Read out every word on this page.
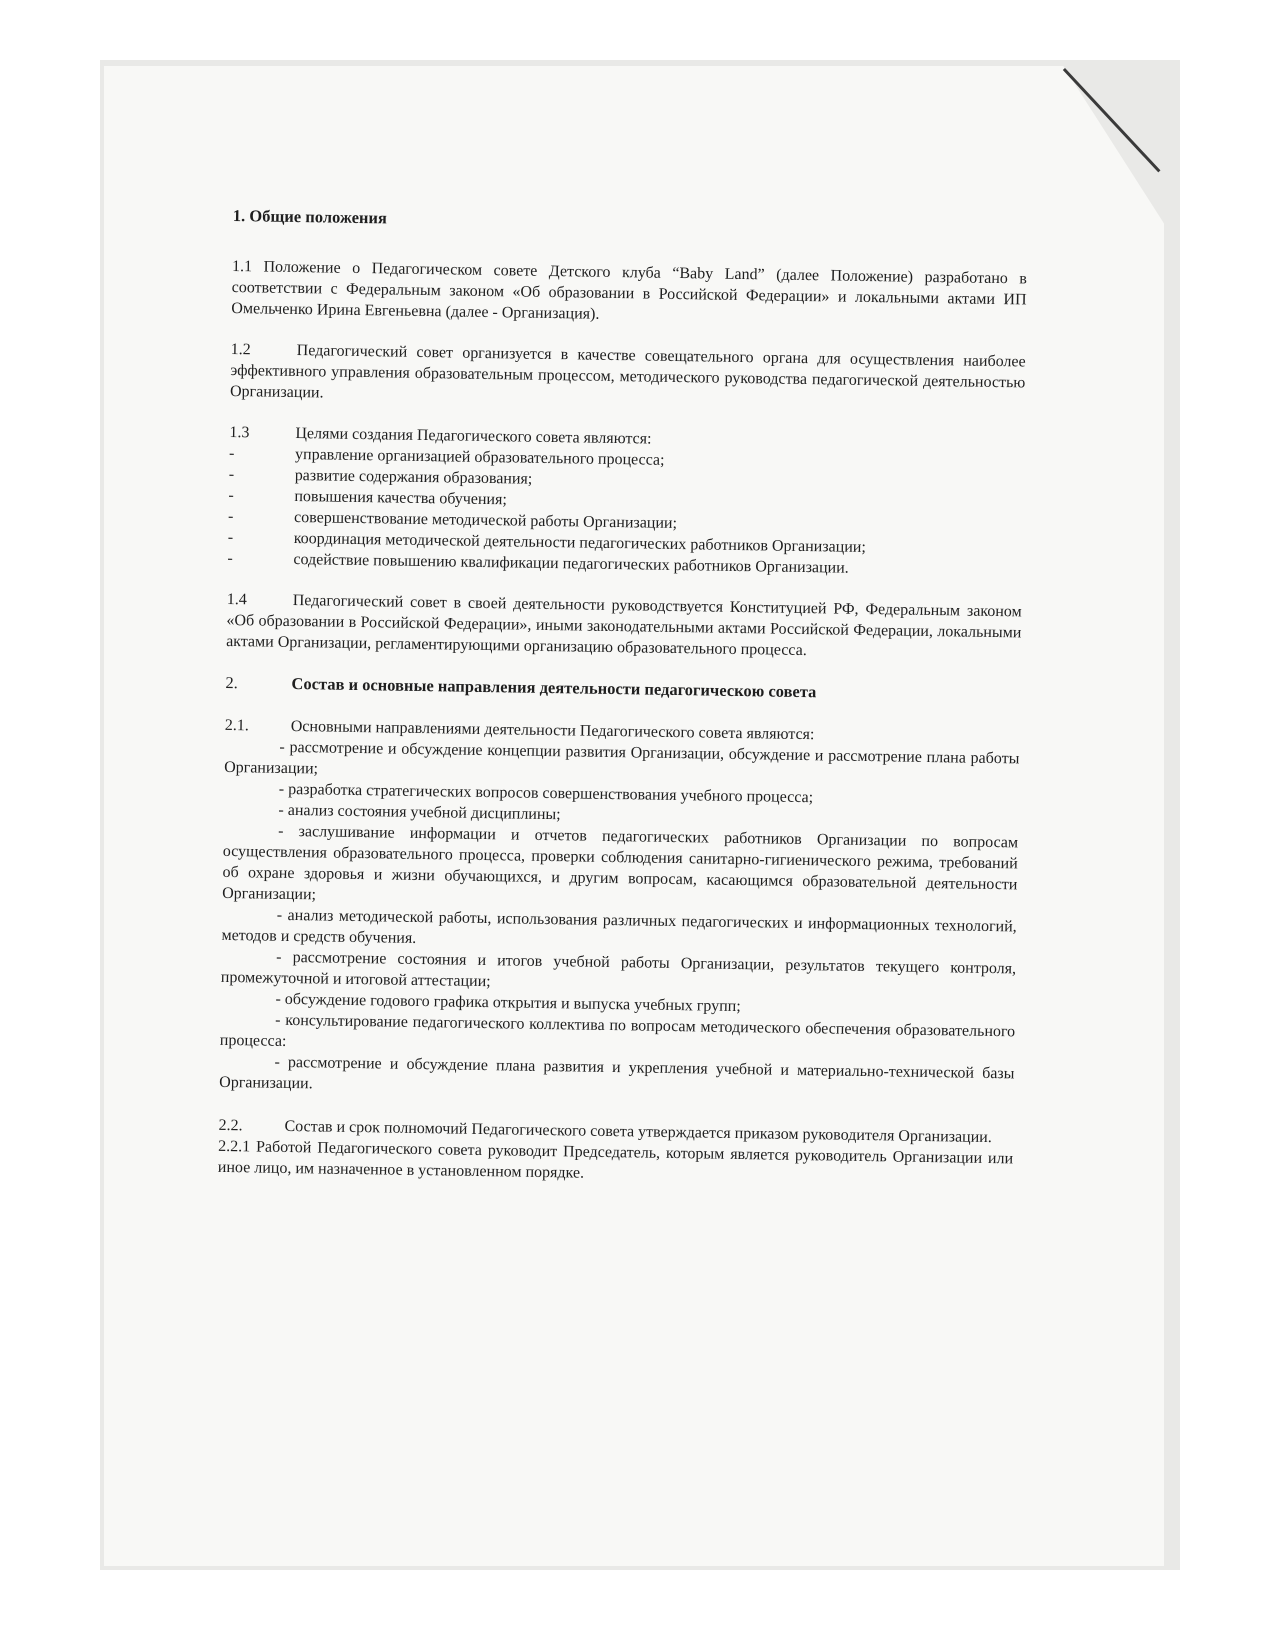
1. Общие положения

1.1 Положение о Педагогическом совете Детского клуба “Baby Land” (далее Положение) разработано в соответствии с Федеральным законом «Об образовании в Российской Федерации» и локальными актами ИП Омельченко Ирина Евгеньевна (далее - Организация).

1.2	Педагогический совет организуется в качестве совещательного органа для осуществления наиболее эффективного управления образовательным процессом, методического руководства педагогической деятельностью Организации.

1.3	Целями создания Педагогического совета являются:

- управление организацией образовательного процесса;
- развитие содержания образования;
- повышения качества обучения;
- совершенствование методической работы Организации;
- координация методической деятельности педагогических работников Организации;
- содействие повышению квалификации педагогических работников Организации.

1.4	Педагогический совет в своей деятельности руководствуется Конституцией РФ, Федеральным законом «Об образовании в Российской Федерации», иными законодательными актами Российской Федерации, локальными актами Организации, регламентирующими организацию образовательного процесса.

2.	Состав и основные направления деятельности педагогическою совета

2.1.	Основными направлениями деятельности Педагогического совета являются:

- рассмотрение и обсуждение концепции развития Организации, обсуждение и рассмотрение плана работы Организации;

- разработка стратегических вопросов совершенствования учебного процесса;

- анализ состояния учебной дисциплины;

- заслушивание информации и отчетов педагогических работников Организации по вопросам осуществления образовательного процесса, проверки соблюдения санитарно-гигиенического режима, требований об охране здоровья и жизни обучающихся, и другим вопросам, касающимся образовательной деятельности Организации;

- анализ методической работы, использования различных педагогических и информационных технологий, методов и средств обучения.

- рассмотрение состояния и итогов учебной работы Организации, результатов текущего контроля, промежуточной и итоговой аттестации;

- обсуждение годового графика открытия и выпуска учебных групп;

- консультирование педагогического коллектива по вопросам методического обеспечения образовательного процесса:

- рассмотрение и обсуждение плана развития и укрепления учебной и материально-технической базы Организации.

2.2.	Состав и срок полномочий Педагогического совета утверждается приказом руководителя Организации.

2.2.1 Работой Педагогического совета руководит Председатель, которым является руководитель Организации или иное лицо, им назначенное в установленном порядке.
